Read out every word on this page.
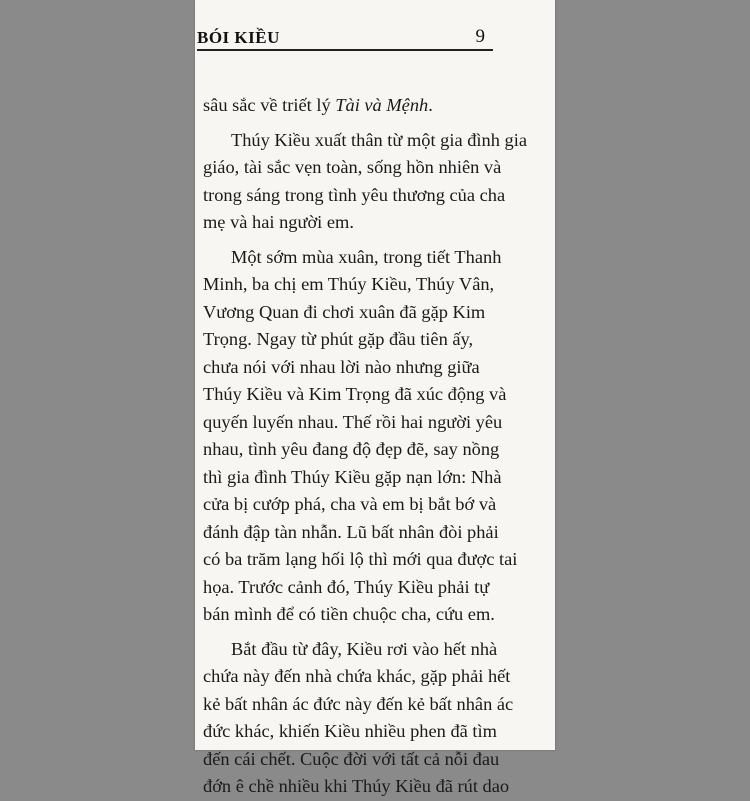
BÓI KIỀU	9
sâu sắc về triết lý Tài và Mệnh.
Thúy Kiều xuất thân từ một gia đình gia
giáo, tài sắc vẹn toàn, sống hồn nhiên và
trong sáng trong tình yêu thương của cha
mẹ và hai người em.
Một sớm mùa xuân, trong tiết Thanh
Minh, ba chị em Thúy Kiều, Thúy Vân,
Vương Quan đi chơi xuân đã gặp Kim
Trọng. Ngay từ phút gặp đầu tiên ấy,
chưa nói với nhau lời nào nhưng giữa
Thúy Kiều và Kim Trọng đã xúc động và
quyến luyến nhau. Thế rồi hai người yêu
nhau, tình yêu đang độ đẹp đẽ, say nồng
thì gia đình Thúy Kiều gặp nạn lớn: Nhà
cửa bị cướp phá, cha và em bị bắt bớ và
đánh đập tàn nhẫn. Lũ bất nhân đòi phải
có ba trăm lạng hối lộ thì mới qua được tai
họa. Trước cảnh đó, Thúy Kiều phải tự
bán mình để có tiền chuộc cha, cứu em.
Bắt đầu từ đây, Kiều rơi vào hết nhà
chứa này đến nhà chứa khác, gặp phải hết
kẻ bất nhân ác đức này đến kẻ bất nhân ác
đức khác, khiến Kiều nhiều phen đã tìm
đến cái chết. Cuộc đời với tất cả nỗi đau
đớn ê chề nhiều khi Thúy Kiều đã rút dao
